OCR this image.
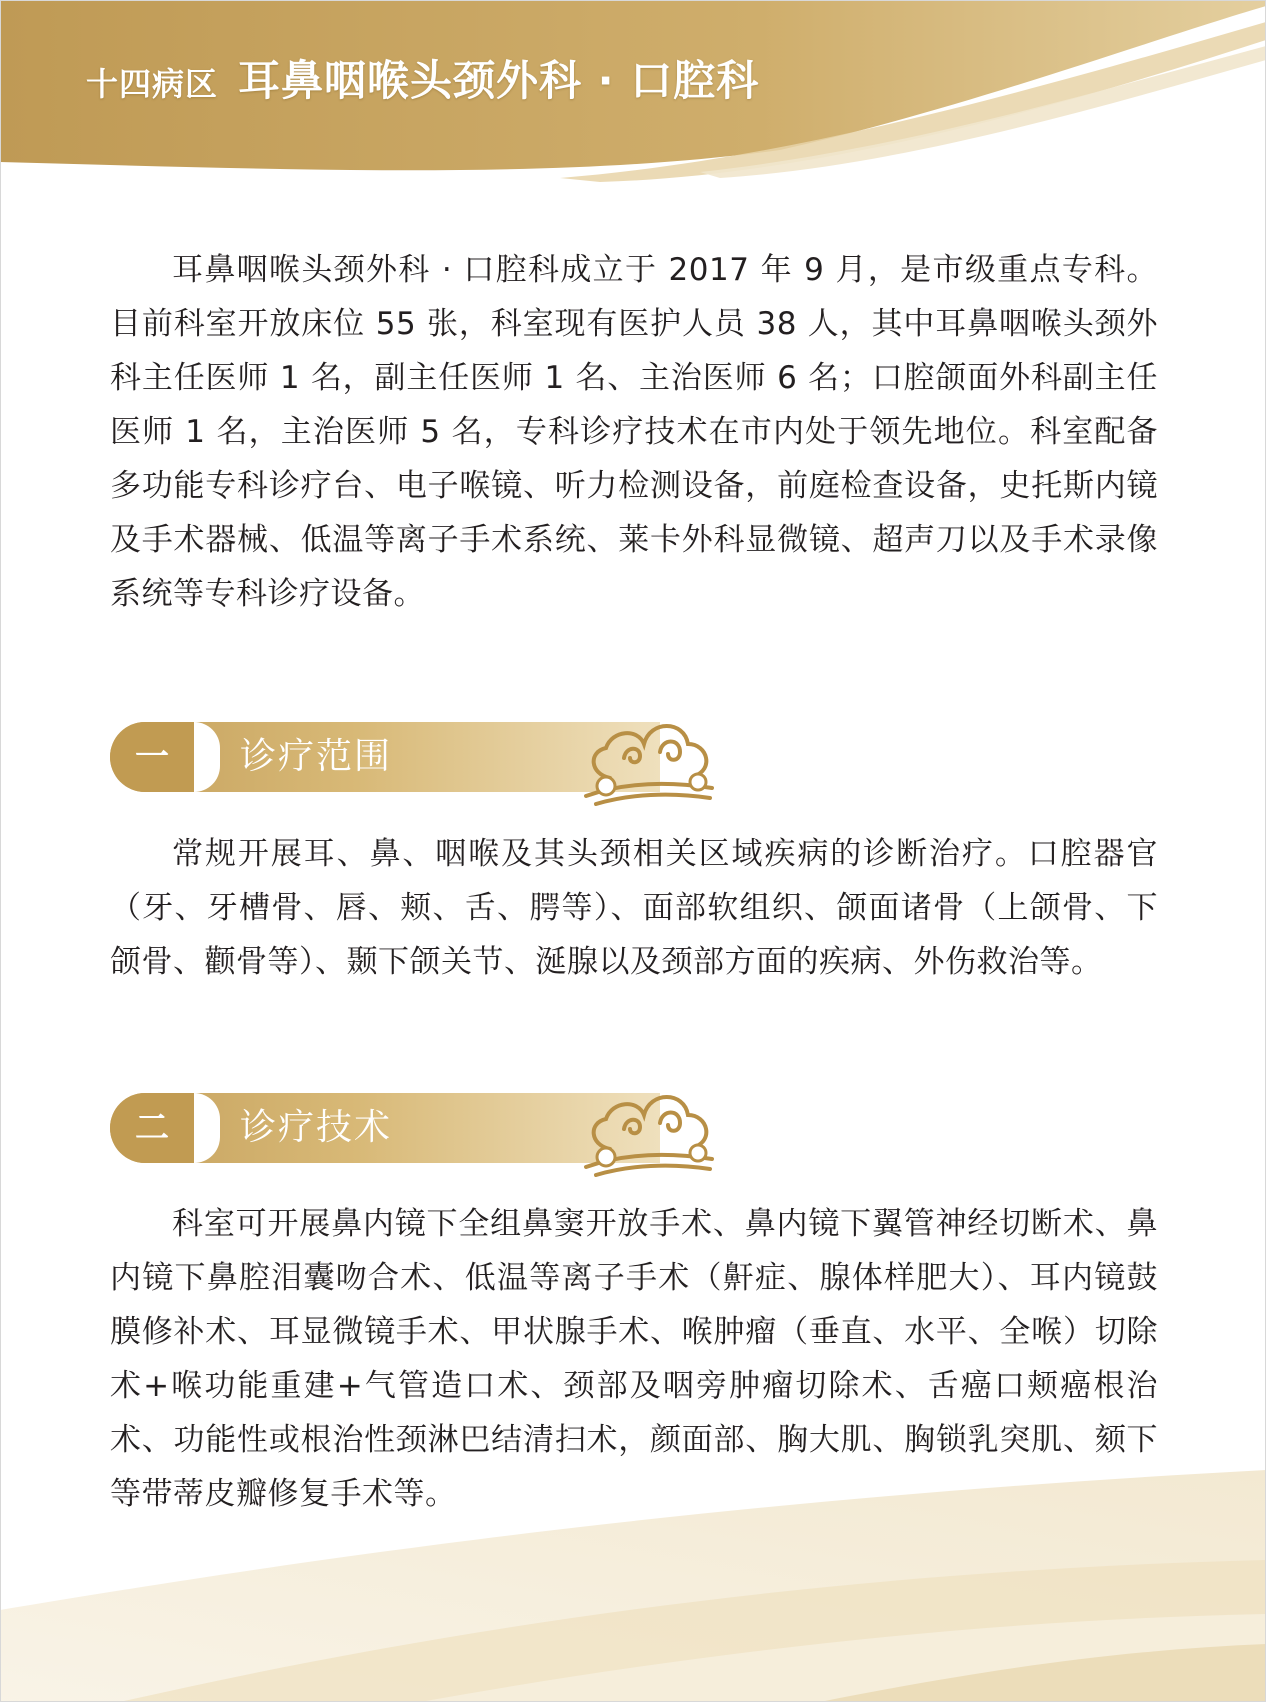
十四病区 耳鼻咽喉头颈外科 · 口腔科

耳鼻咽喉头颈外科 · 口腔科成立于 2017 年 9 月，是市级重点专科。目前科室开放床位 55 张，科室现有医护人员 38 人，其中耳鼻咽喉头颈外科主任医师 1 名，副主任医师 1 名、主治医师 6 名；口腔颌面外科副主任医师 1 名，主治医师 5 名，专科诊疗技术在市内处于领先地位。科室配备多功能专科诊疗台、电子喉镜、听力检测设备，前庭检查设备，史托斯内镜及手术器械、低温等离子手术系统、莱卡外科显微镜、超声刀以及手术录像系统等专科诊疗设备。

一	诊疗范围

常规开展耳、鼻、咽喉及其头颈相关区域疾病的诊断治疗。口腔器官（牙、牙槽骨、唇、颊、舌、腭等）、面部软组织、颌面诸骨（上颌骨、下颌骨、颧骨等）、颞下颌关节、涎腺以及颈部方面的疾病、外伤救治等。

二	诊疗技术

科室可开展鼻内镜下全组鼻窦开放手术、鼻内镜下翼管神经切断术、鼻内镜下鼻腔泪囊吻合术、低温等离子手术（鼾症、腺体样肥大）、耳内镜鼓膜修补术、耳显微镜手术、甲状腺手术、喉肿瘤（垂直、水平、全喉）切除术+喉功能重建+气管造口术、颈部及咽旁肿瘤切除术、舌癌口颊癌根治术、功能性或根治性颈淋巴结清扫术，颜面部、胸大肌、胸锁乳突肌、颏下等带蒂皮瓣修复手术等。
